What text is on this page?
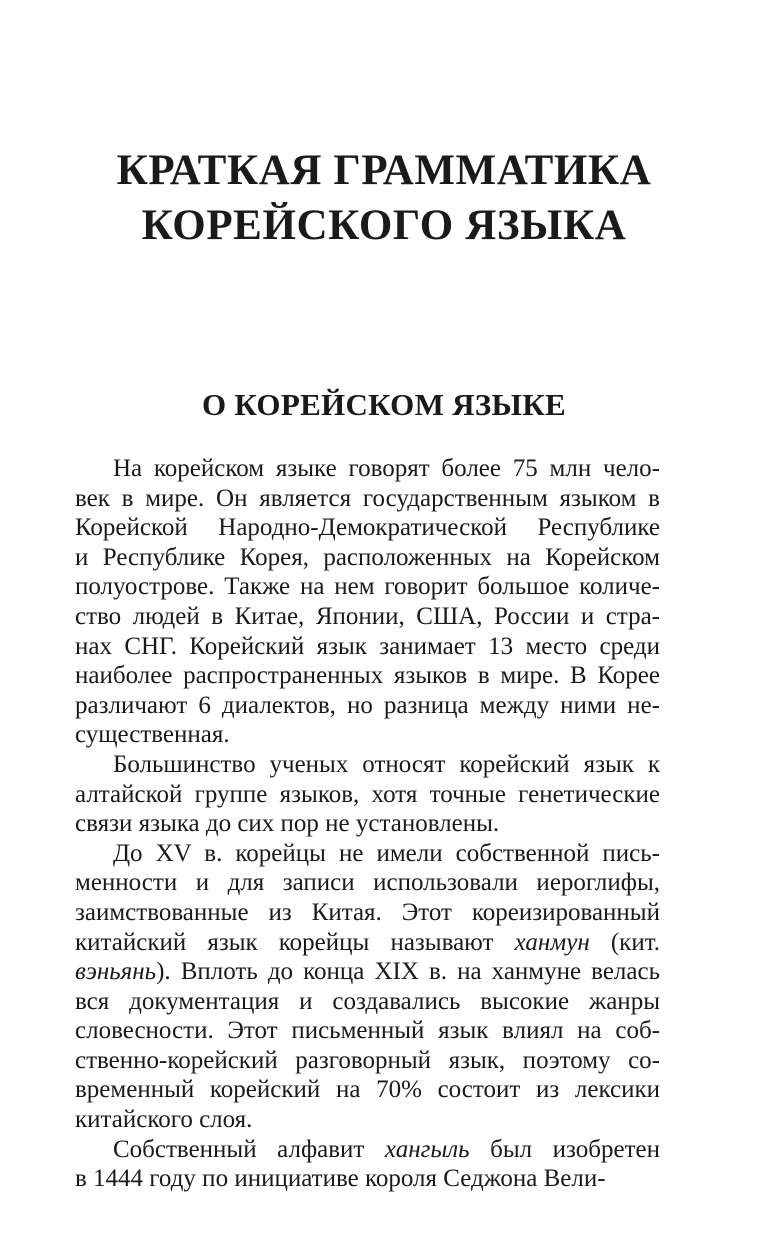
КРАТКАЯ ГРАММАТИКА
КОРЕЙСКОГО ЯЗЫКА
О КОРЕЙСКОМ ЯЗЫКЕ
На корейском языке говорят более 75 млн чело-
век в мире. Он является государственным языком в
Корейской Народно-Демократической Республике
и Республике Корея, расположенных на Корейском
полуострове. Также на нем говорит большое количе-
ство людей в Китае, Японии, США, России и стра-
нах СНГ. Корейский язык занимает 13 место среди
наиболее распространенных языков в мире. В Корее
различают 6 диалектов, но разница между ними не-
существенная.
Большинство ученых относят корейский язык к
алтайской группе языков, хотя точные генетические
связи языка до сих пор не установлены.
До XV в. корейцы не имели собственной пись-
менности и для записи использовали иероглифы,
заимствованные из Китая. Этот кореизированный
китайский язык корейцы называют ханмун (кит.
вэньянь). Вплоть до конца XIX в. на ханмуне велась
вся документация и создавались высокие жанры
словесности. Этот письменный язык влиял на соб-
ственно-корейский разговорный язык, поэтому со-
временный корейский на 70% состоит из лексики
китайского слоя.
Собственный алфавит хангыль был изобретен
в 1444 году по инициативе короля Седжона Вели-
